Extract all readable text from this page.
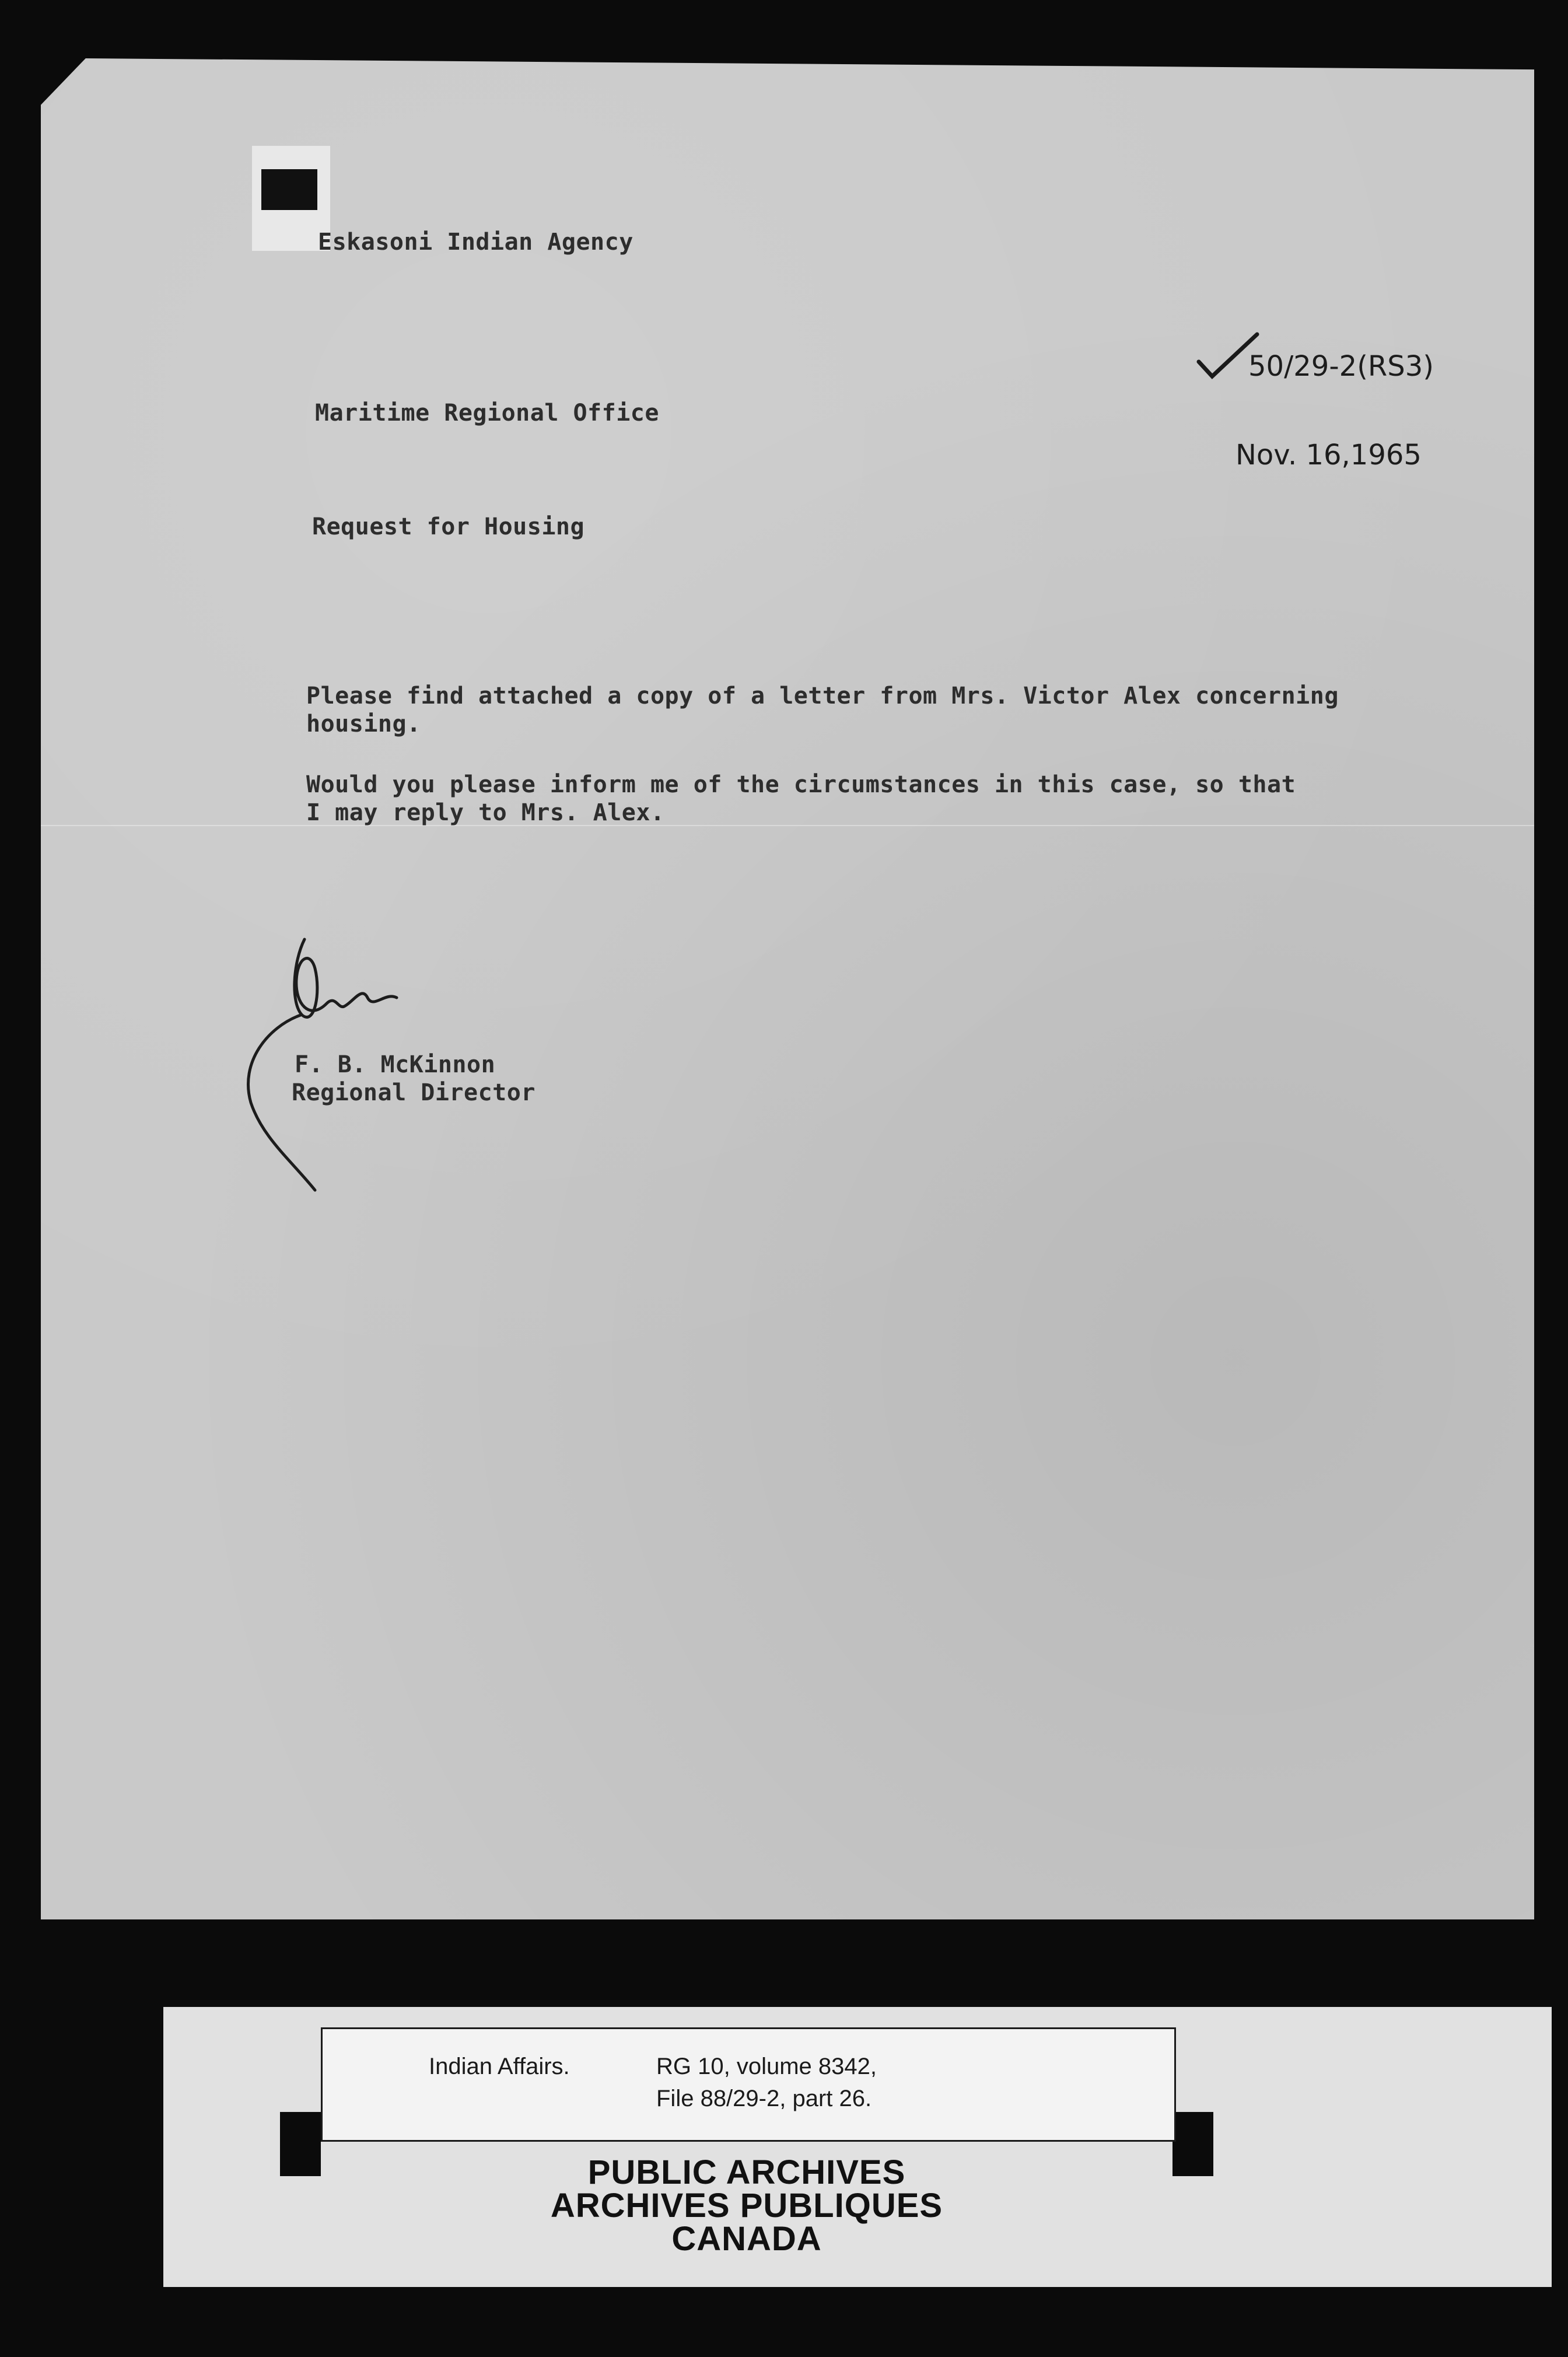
Eskasoni Indian Agency
50/29-2(RS3)
Maritime Regional Office
Nov. 16,1965
Request for Housing
Please find attached a copy of a letter from Mrs. Victor Alex concerning
housing.
Would you please inform me of the circumstances in this case, so that
I may reply to Mrs. Alex.
F. B. McKinnon
Regional Director
Indian Affairs.	RG 10, volume 8342,
File 88/29-2, part 26.
PUBLIC ARCHIVES
ARCHIVES PUBLIQUES
CANADA
